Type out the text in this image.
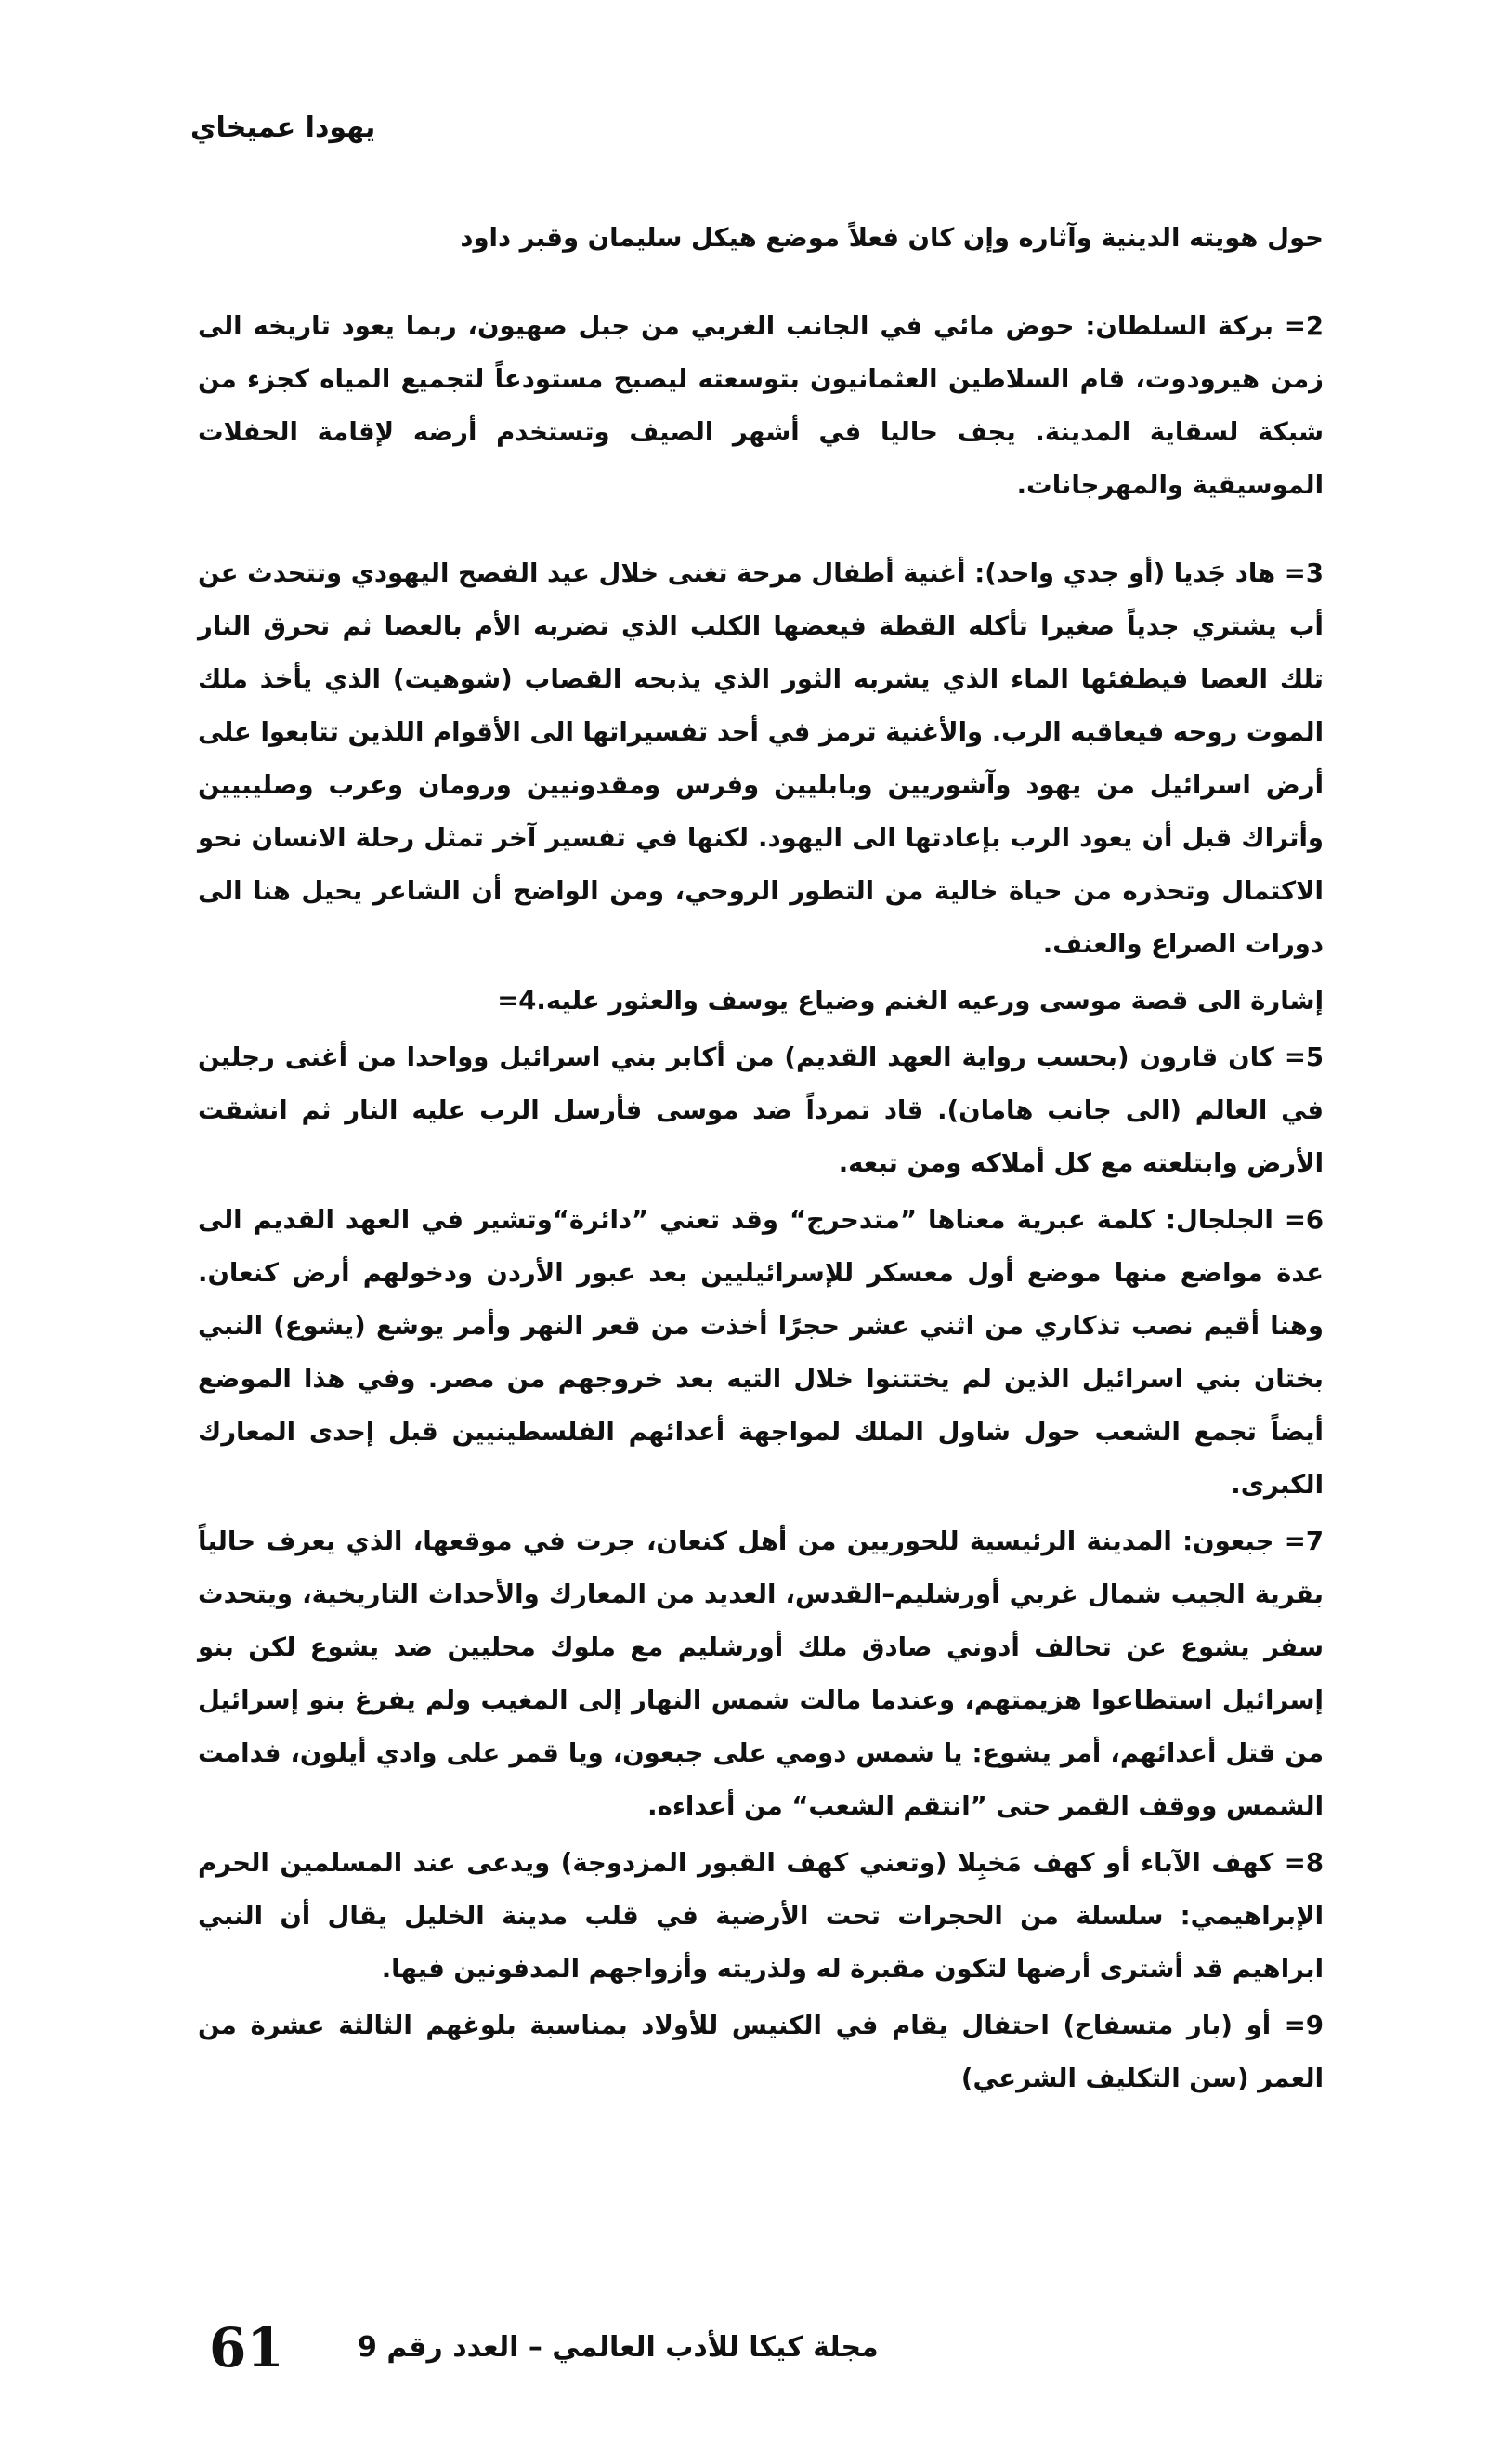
يهودا عميخاي

حول هويته الدينية وآثاره وإن كان فعلاً موضع هيكل سليمان وقبر داود

2= بركة السلطان: حوض مائي في الجانب الغربي من جبل صهيون، ربما يعود تاريخه الى زمن هيرودوت، قام السلاطين العثمانيون بتوسعته ليصبح مستودعاً لتجميع المياه كجزء من شبكة لسقاية المدينة. يجف حاليا في أشهر الصيف وتستخدم أرضه لإقامة الحفلات الموسيقية والمهرجانات.

3= هاد جَديا (أو جدي واحد): أغنية أطفال مرحة تغنى خلال عيد الفصح اليهودي وتتحدث عن أب يشتري جدياً صغيرا تأكله القطة فيعضها الكلب الذي تضربه الأم بالعصا ثم تحرق النار تلك العصا فيطفئها الماء الذي يشربه الثور الذي يذبحه القصاب (شوهيت) الذي يأخذ ملك الموت روحه فيعاقبه الرب. والأغنية ترمز في أحد تفسيراتها الى الأقوام اللذين تتابعوا على أرض اسرائيل من يهود وآشوريين وبابليين وفرس ومقدونيين ورومان وعرب وصليبيين وأتراك قبل أن يعود الرب بإعادتها الى اليهود. لكنها في تفسير آخر تمثل رحلة الانسان نحو الاكتمال وتحذره من حياة خالية من التطور الروحي، ومن الواضح أن الشاعر يحيل هنا الى دورات الصراع والعنف.

إشارة الى قصة موسى ورعيه الغنم وضياع يوسف والعثور عليه.4=

5= كان قارون (بحسب رواية العهد القديم) من أكابر بني اسرائيل وواحدا من أغنى رجلين في العالم (الى جانب هامان). قاد تمرداً ضد موسى فأرسل الرب عليه النار ثم انشقت الأرض وابتلعته مع كل أملاكه ومن تبعه.

6= الجلجال: كلمة عبرية معناها ”متدحرج“ وقد تعني ”دائرة“وتشير في العهد القديم الى عدة مواضع منها موضع أول معسكر للإسرائيليين بعد عبور الأردن ودخولهم أرض كنعان. وهنا أقيم نصب تذكاري من اثني عشر حجرًا أخذت من قعر النهر وأمر يوشع (يشوع) النبي بختان بني اسرائيل الذين لم يختتنوا خلال التيه بعد خروجهم من مصر. وفي هذا الموضع أيضاً تجمع الشعب حول شاول الملك لمواجهة أعدائهم الفلسطينيين قبل إحدى المعارك الكبرى.

7= جبعون: المدينة الرئيسية للحوريين من أهل كنعان، جرت في موقعها، الذي يعرف حالياً بقرية الجيب شمال غربي أورشليم–القدس، العديد من المعارك والأحداث التاريخية، ويتحدث سفر يشوع عن تحالف أدوني صادق ملك أورشليم مع ملوك محليين ضد يشوع لكن بنو إسرائيل استطاعوا هزيمتهم، وعندما مالت شمس النهار إلى المغيب ولم يفرغ بنو إسرائيل من قتل أعدائهم، أمر يشوع: يا شمس دومي على جبعون، ويا قمر على وادي أيلون، فدامت الشمس ووقف القمر حتى ”انتقم الشعب“ من أعداءه.

8= كهف الآباء أو كهف مَخبِلا (وتعني كهف القبور المزدوجة) ويدعى عند المسلمين الحرم الإبراهيمي: سلسلة من الحجرات تحت الأرضية في قلب مدينة الخليل يقال أن النبي ابراهيم قد أشترى أرضها لتكون مقبرة له ولذريته وأزواجهم المدفونين فيها.

9= أو (بار متسفاح) احتفال يقام في الكنيس للأولاد بمناسبة بلوغهم الثالثة عشرة من العمر (سن التكليف الشرعي)

61	مجلة كيكا للأدب العالمي – العدد رقم 9
